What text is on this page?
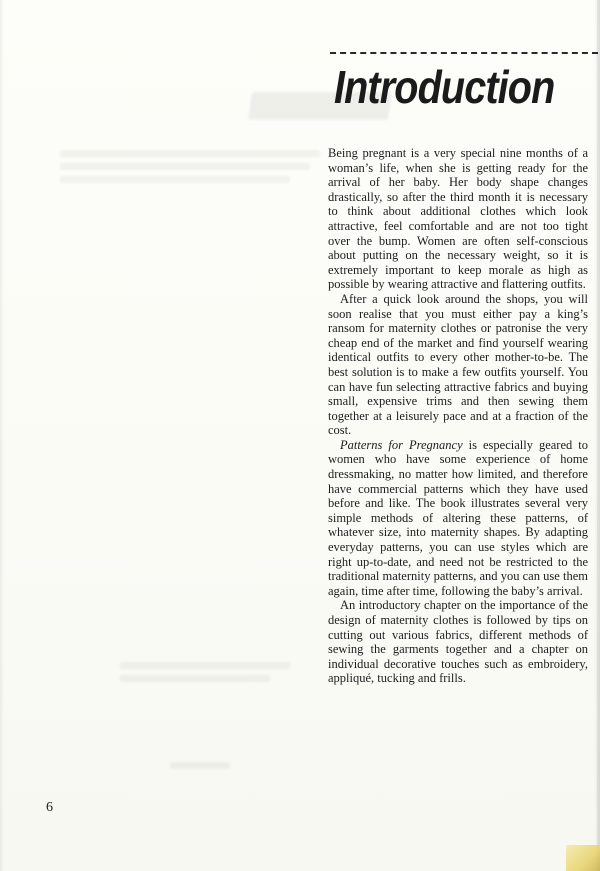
Introduction

Being pregnant is a very special nine months of a woman’s life, when she is getting ready for the arrival of her baby. Her body shape changes drastically, so after the third month it is necessary to think about additional clothes which look attractive, feel comfortable and are not too tight over the bump. Women are often self-conscious about putting on the necessary weight, so it is extremely important to keep morale as high as possible by wearing attractive and flattering outfits.

After a quick look around the shops, you will soon realise that you must either pay a king’s ransom for maternity clothes or patronise the very cheap end of the market and find yourself wearing identical outfits to every other mother-to-be. The best solution is to make a few outfits yourself. You can have fun selecting attractive fabrics and buying small, expensive trims and then sewing them together at a leisurely pace and at a fraction of the cost.

Patterns for Pregnancy is especially geared to women who have some experience of home dressmaking, no matter how limited, and therefore have commercial patterns which they have used before and like. The book illustrates several very simple methods of altering these patterns, of whatever size, into maternity shapes. By adapting everyday patterns, you can use styles which are right up-to-date, and need not be restricted to the traditional maternity patterns, and you can use them again, time after time, following the baby’s arrival.

An introductory chapter on the importance of the design of maternity clothes is followed by tips on cutting out various fabrics, different methods of sewing the garments together and a chapter on individual decorative touches such as embroidery, appliqué, tucking and frills.

6
